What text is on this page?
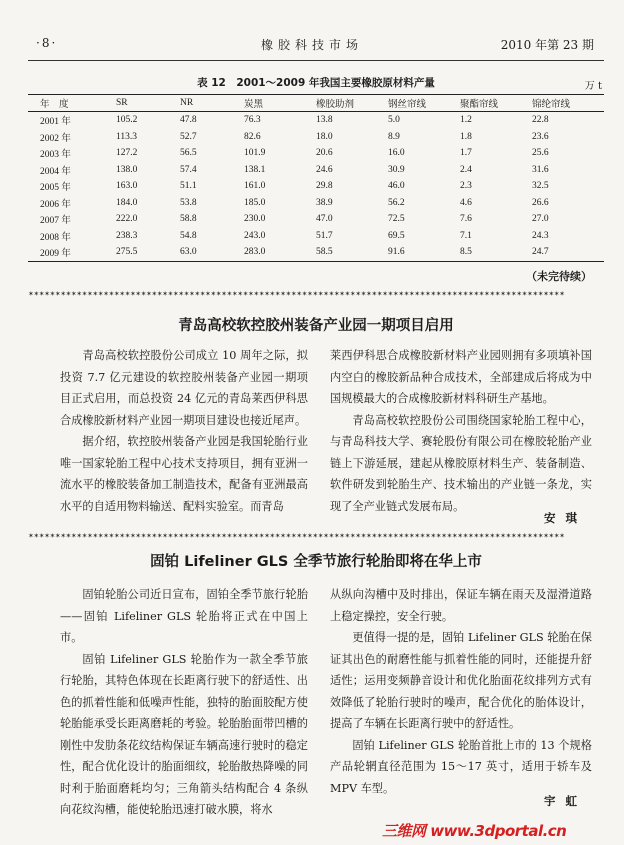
·8·	橡胶科技市场	2010 年第 23 期
表 12　2001～2009 年我国主要橡胶原材料产量	万 t
年　度	SR	NR	炭黑	橡胶助剂	钢丝帘线	聚酯帘线	锦纶帘线
2001 年	105.2	47.8	76.3	13.8	5.0	1.2	22.8
2002 年	113.3	52.7	82.6	18.0	8.9	1.8	23.6
2003 年	127.2	56.5	101.9	20.6	16.0	1.7	25.6
2004 年	138.0	57.4	138.1	24.6	30.9	2.4	31.6
2005 年	163.0	51.1	161.0	29.8	46.0	2.3	32.5
2006 年	184.0	53.8	185.0	38.9	56.2	4.6	26.6
2007 年	222.0	58.8	230.0	47.0	72.5	7.6	27.0
2008 年	238.3	54.8	243.0	51.7	69.5	7.1	24.3
2009 年	275.5	63.0	283.0	58.5	91.6	8.5	24.7
（未完待续）
✶✶✶✶✶✶✶✶✶✶✶✶✶✶✶✶✶✶✶✶✶✶✶✶✶✶✶✶✶✶✶✶✶✶✶✶✶✶✶✶✶✶✶✶✶✶✶✶✶✶✶✶✶✶✶✶✶✶✶✶✶✶✶✶✶✶✶✶✶✶✶✶✶✶✶✶✶✶✶✶✶✶✶✶✶✶✶✶✶✶✶✶✶✶✶✶✶✶✶✶
青岛高校软控胶州装备产业园一期项目启用

青岛高校软控股份公司成立 10 周年之际，拟投资 7.7 亿元建设的软控胶州装备产业园一期项目正式启用，而总投资 24 亿元的青岛莱西伊科思合成橡胶新材料产业园一期项目建设也接近尾声。

据介绍，软控胶州装备产业园是我国轮胎行业唯一国家轮胎工程中心技术支持项目，拥有亚洲一流水平的橡胶装备加工制造技术，配备有亚洲最高水平的自适用物料输送、配料实验室。而青岛

莱西伊科思合成橡胶新材料产业园则拥有多项填补国内空白的橡胶新品种合成技术，全部建成后将成为中国规模最大的合成橡胶新材料科研生产基地。

青岛高校软控股份公司围绕国家轮胎工程中心，与青岛科技大学、赛轮股份有限公司在橡胶轮胎产业链上下游延展，建起从橡胶原材料生产、装备制造、软件研发到轮胎生产、技术输出的产业链一条龙，实现了全产业链式发展布局。

安琪
✶✶✶✶✶✶✶✶✶✶✶✶✶✶✶✶✶✶✶✶✶✶✶✶✶✶✶✶✶✶✶✶✶✶✶✶✶✶✶✶✶✶✶✶✶✶✶✶✶✶✶✶✶✶✶✶✶✶✶✶✶✶✶✶✶✶✶✶✶✶✶✶✶✶✶✶✶✶✶✶✶✶✶✶✶✶✶✶✶✶✶✶✶✶✶✶✶✶✶✶
固铂 Lifeliner GLS 全季节旅行轮胎即将在华上市

固铂轮胎公司近日宣布，固铂全季节旅行轮胎——固铂 Lifeliner GLS 轮胎将正式在中国上市。

固铂 Lifeliner GLS 轮胎作为一款全季节旅行轮胎，其特色体现在长距离行驶下的舒适性、出色的抓着性能和低噪声性能，独特的胎面胶配方使轮胎能承受长距离磨耗的考验。轮胎胎面带凹槽的刚性中发肋条花纹结构保证车辆高速行驶时的稳定性，配合优化设计的胎面细纹，轮胎散热降噪的同时利于胎面磨耗均匀；三角箭头结构配合 4 条纵向花纹沟槽，能使轮胎迅速打破水膜，将水

从纵向沟槽中及时排出，保证车辆在雨天及湿滑道路上稳定操控，安全行驶。

更值得一提的是，固铂 Lifeliner GLS 轮胎在保证其出色的耐磨性能与抓着性能的同时，还能提升舒适性；运用变频静音设计和优化胎面花纹排列方式有效降低了轮胎行驶时的噪声，配合优化的胎体设计，提高了车辆在长距离行驶中的舒适性。

固铂 Lifeliner GLS 轮胎首批上市的 13 个规格产品轮辋直径范围为 15～17 英寸，适用于轿车及 MPV 车型。

宇虹
三维网 www.3dportal.cn
